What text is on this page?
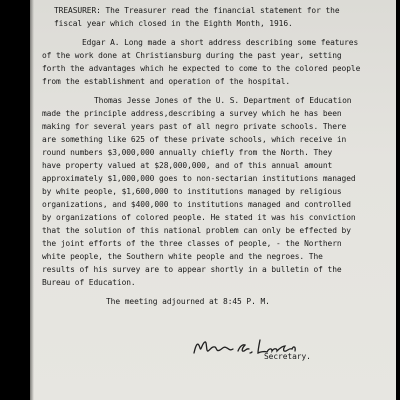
TREASURER: The Treasurer read the financial statement for the
fiscal year which closed in the Eighth Month, 1916.
Edgar A. Long made a short address describing some features
of the work done at Christiansburg during the past year, setting
forth the advantages which he expected to come to the colored people
from the establishment and operation of the hospital.
Thomas Jesse Jones of the U. S. Department of Education
made the principle address,describing a survey which he has been
making for several years past of all negro private schools. There
are something like 625 of these private schools, which receive in
round numbers $3,000,000 annually chiefly from the North. They
have property valued at $28,000,000, and of this annual amount
approximately $1,000,000 goes to non-sectarian institutions managed
by white people, $1,600,000 to institutions managed by religious
organizations, and $400,000 to institutions managed and controlled
by organizations of colored people. He stated it was his conviction
that the solution of this national problem can only be effected by
the joint efforts of the three classes of people, - the Northern
white people, the Southern white people and the negroes. The
results of his survey are to appear shortly in a bulletin of the
Bureau of Education.
The meeting adjourned at 8:45 P. M.
Secretary.
